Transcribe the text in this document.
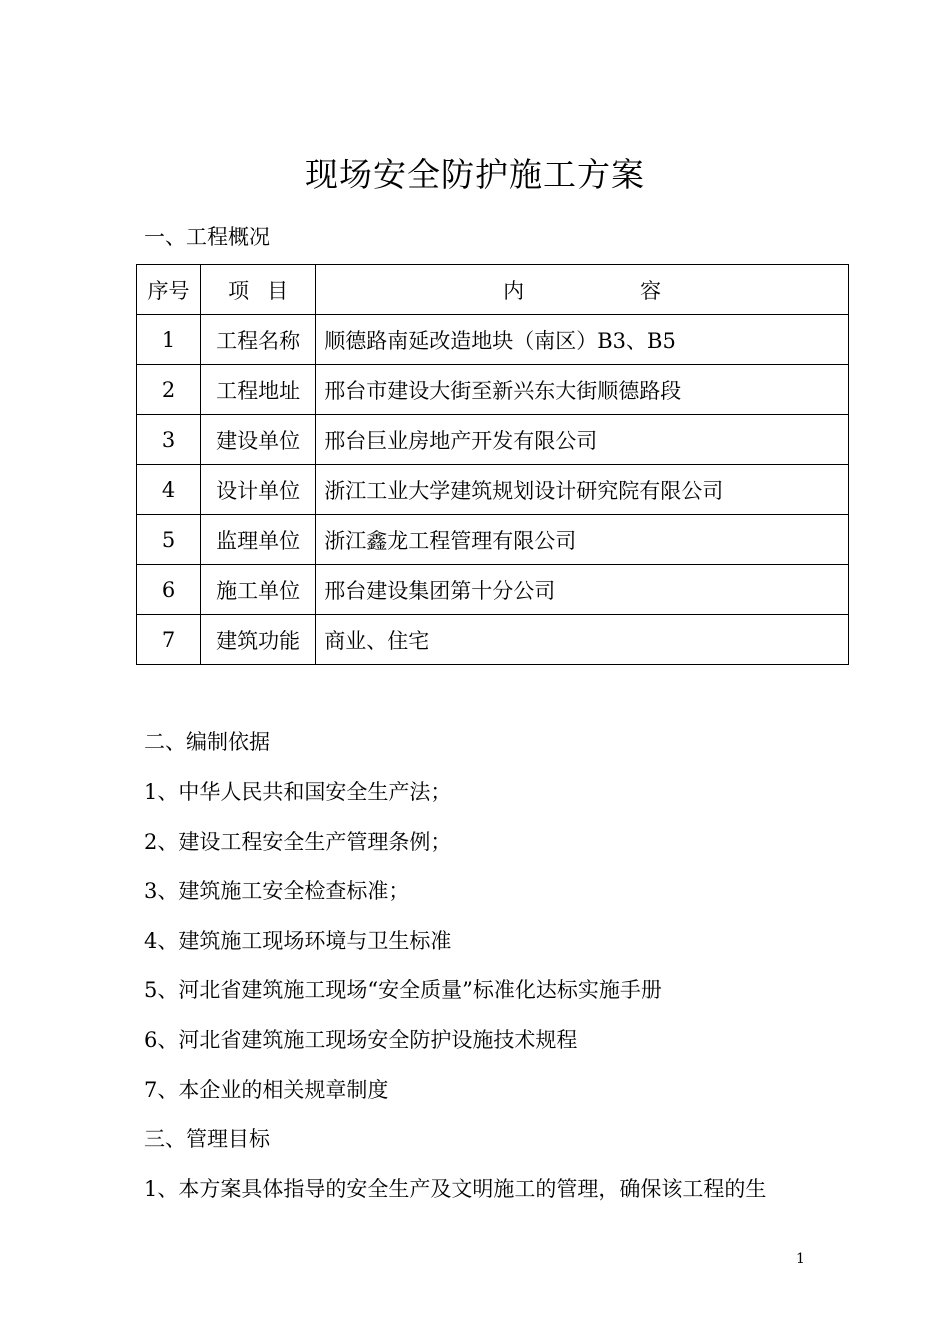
现场安全防护施工方案
一、工程概况
序号	项 目	内 容
1	工程名称	顺德路南延改造地块（南区）B3、B5
2	工程地址	邢台市建设大街至新兴东大街顺德路段
3	建设单位	邢台巨业房地产开发有限公司
4	设计单位	浙江工业大学建筑规划设计研究院有限公司
5	监理单位	浙江鑫龙工程管理有限公司
6	施工单位	邢台建设集团第十分公司
7	建筑功能	商业、住宅
二、编制依据
1、中华人民共和国安全生产法；
2、建设工程安全生产管理条例；
3、建筑施工安全检查标准；
4、建筑施工现场环境与卫生标准
5、河北省建筑施工现场“安全质量”标准化达标实施手册
6、河北省建筑施工现场安全防护设施技术规程
7、本企业的相关规章制度
三、管理目标
1、本方案具体指导的安全生产及文明施工的管理，确保该工程的生
1
